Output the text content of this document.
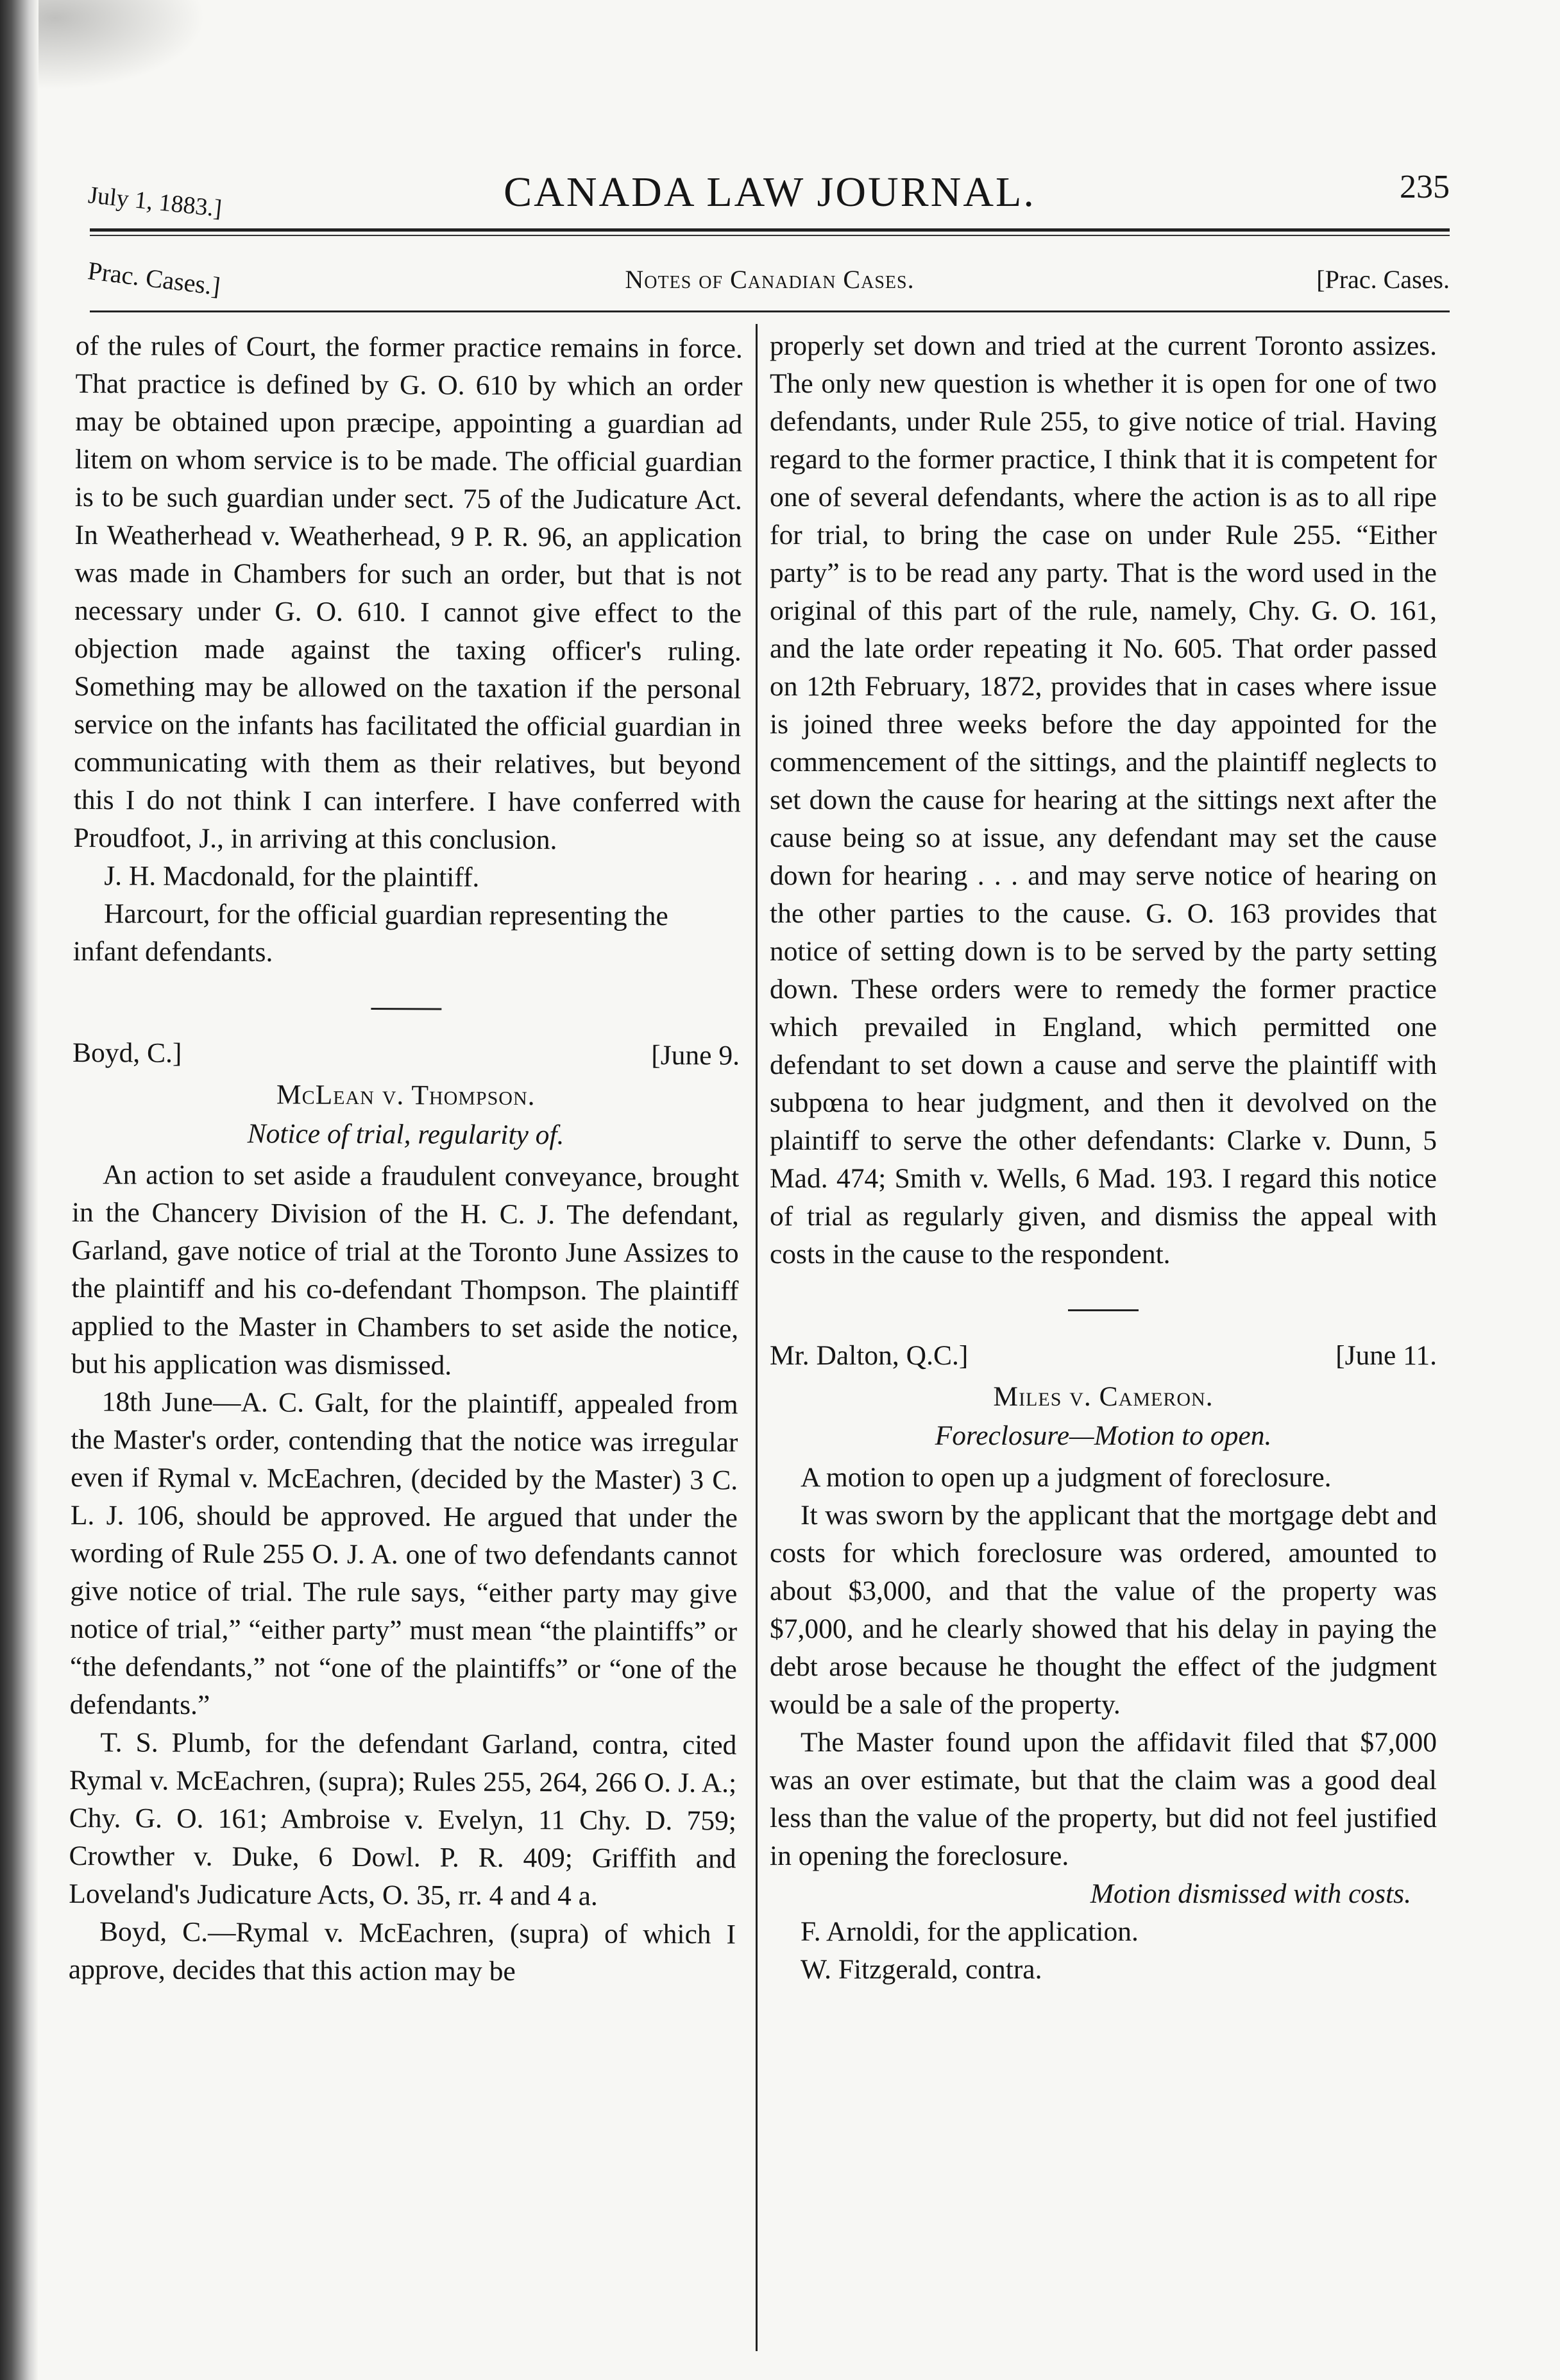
July 1, 1883.]	CANADA LAW JOURNAL.	235
Prac. Cases.]	Notes of Canadian Cases.	[Prac. Cases.

of the rules of Court, the former practice remains in force. That practice is defined by G. O. 610 by which an order may be obtained upon præcipe, appointing a guardian ad litem on whom service is to be made. The official guardian is to be such guardian under sect. 75 of the Judicature Act. In Weatherhead v. Weatherhead, 9 P. R. 96, an application was made in Chambers for such an order, but that is not necessary under G. O. 610. I cannot give effect to the objection made against the taxing officer's ruling. Something may be allowed on the taxation if the personal service on the infants has facilitated the official guardian in communicating with them as their relatives, but beyond this I do not think I can interfere. I have conferred with Proudfoot, J., in arriving at this conclusion.

J. H. Macdonald, for the plaintiff.

Harcourt, for the official guardian representing the infant defendants.

Boyd, C.]	[June 9.
McLean v. Thompson.
Notice of trial, regularity of.

An action to set aside a fraudulent conveyance, brought in the Chancery Division of the H. C. J. The defendant, Garland, gave notice of trial at the Toronto June Assizes to the plaintiff and his co-defendant Thompson. The plaintiff applied to the Master in Chambers to set aside the notice, but his application was dismissed.

18th June—A. C. Galt, for the plaintiff, appealed from the Master's order, contending that the notice was irregular even if Rymal v. McEachren, (decided by the Master) 3 C. L. J. 106, should be approved. He argued that under the wording of Rule 255 O. J. A. one of two defendants cannot give notice of trial. The rule says, “either party may give notice of trial,” “either party” must mean “the plaintiffs” or “the defendants,” not “one of the plaintiffs” or “one of the defendants.”

T. S. Plumb, for the defendant Garland, contra, cited Rymal v. McEachren, (supra); Rules 255, 264, 266 O. J. A.; Chy. G. O. 161; Ambroise v. Evelyn, 11 Chy. D. 759; Crowther v. Duke, 6 Dowl. P. R. 409; Griffith and Loveland's Judicature Acts, O. 35, rr. 4 and 4 a.

Boyd, C.—Rymal v. McEachren, (supra) of which I approve, decides that this action may be

properly set down and tried at the current Toronto assizes. The only new question is whether it is open for one of two defendants, under Rule 255, to give notice of trial. Having regard to the former practice, I think that it is competent for one of several defendants, where the action is as to all ripe for trial, to bring the case on under Rule 255. “Either party” is to be read any party. That is the word used in the original of this part of the rule, namely, Chy. G. O. 161, and the late order repeating it No. 605. That order passed on 12th February, 1872, provides that in cases where issue is joined three weeks before the day appointed for the commencement of the sittings, and the plaintiff neglects to set down the cause for hearing at the sittings next after the cause being so at issue, any defendant may set the cause down for hearing . . . and may serve notice of hearing on the other parties to the cause. G. O. 163 provides that notice of setting down is to be served by the party setting down. These orders were to remedy the former practice which prevailed in England, which permitted one defendant to set down a cause and serve the plaintiff with subpœna to hear judgment, and then it devolved on the plaintiff to serve the other defendants: Clarke v. Dunn, 5 Mad. 474; Smith v. Wells, 6 Mad. 193. I regard this notice of trial as regularly given, and dismiss the appeal with costs in the cause to the respondent.

Mr. Dalton, Q.C.]	[June 11.
Miles v. Cameron.
Foreclosure—Motion to open.

A motion to open up a judgment of foreclosure.

It was sworn by the applicant that the mortgage debt and costs for which foreclosure was ordered, amounted to about $3,000, and that the value of the property was $7,000, and he clearly showed that his delay in paying the debt arose because he thought the effect of the judgment would be a sale of the property.

The Master found upon the affidavit filed that $7,000 was an over estimate, but that the claim was a good deal less than the value of the property, but did not feel justified in opening the foreclosure.

Motion dismissed with costs.

F. Arnoldi, for the application.

W. Fitzgerald, contra.
